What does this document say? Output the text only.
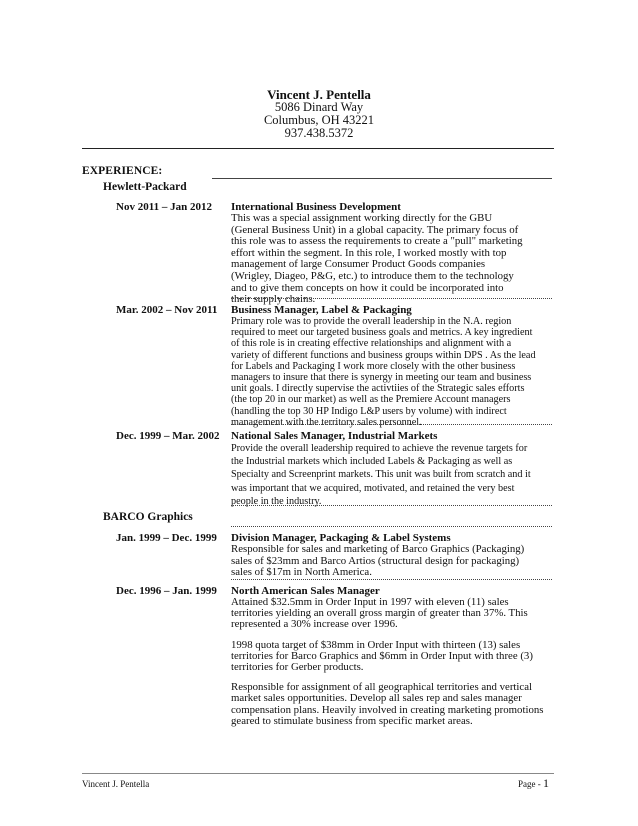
Vincent J. Pentella
5086 Dinard Way
Columbus, OH 43221
937.438.5372
EXPERIENCE:
Hewlett-Packard
Nov 2011 – Jan 2012 International Business Development

This was a special assignment working directly for the GBU
(General Business Unit) in a global capacity. The primary focus of
this role was to assess the requirements to create a "pull" marketing
effort within the segment. In this role, I worked mostly with top
management of large Consumer Product Goods companies
(Wrigley, Diageo, P&G, etc.) to introduce them to the technology
and to give them concepts on how it could be incorporated into
their supply chains.

Mar. 2002 – Nov 2011 Business Manager, Label & Packaging

Primary role was to provide the overall leadership in the N.A. region
required to meet our targeted business goals and metrics. A key ingredient
of this role is in creating effective relationships and alignment with a
variety of different functions and business groups within DPS . As the lead
for Labels and Packaging I work more closely with the other business
managers to insure that there is synergy in meeting our team and business
unit goals. I directly supervise the activtiies of the Strategic sales efforts
(the top 20 in our market) as well as the Premiere Account managers
(handling the top 30 HP Indigo L&P users by volume) with indirect
management with the territory sales personnel.

Dec. 1999 – Mar. 2002 National Sales Manager, Industrial Markets

Provide the overall leadership required to achieve the revenue targets for
the Industrial markets which included Labels & Packaging as well as
Specialty and Screenprint markets. This unit was built from scratch and it
was important that we acquired, motivated, and retained the very best
people in the industry.

BARCO Graphics
Jan. 1999 – Dec. 1999 Division Manager, Packaging & Label Systems

Responsible for sales and marketing of Barco Graphics (Packaging)
sales of $23mm and Barco Artios (structural design for packaging)
sales of $17m in North America.

Dec. 1996 – Jan. 1999 North American Sales Manager

Attained $32.5mm in Order Input in 1997 with eleven (11) sales territories yielding an overall gross margin of greater than 37%. This represented a 30% increase over 1996.

1998 quota target of $38mm in Order Input with thirteen (13) sales territories for Barco Graphics and $6mm in Order Input with three (3) territories for Gerber products.

Responsible for assignment of all geographical territories and vertical market sales opportunities. Develop all sales rep and sales manager compensation plans. Heavily involved in creating marketing promotions geared to stimulate business from specific market areas.

Vincent J. Pentella	Page - 1
